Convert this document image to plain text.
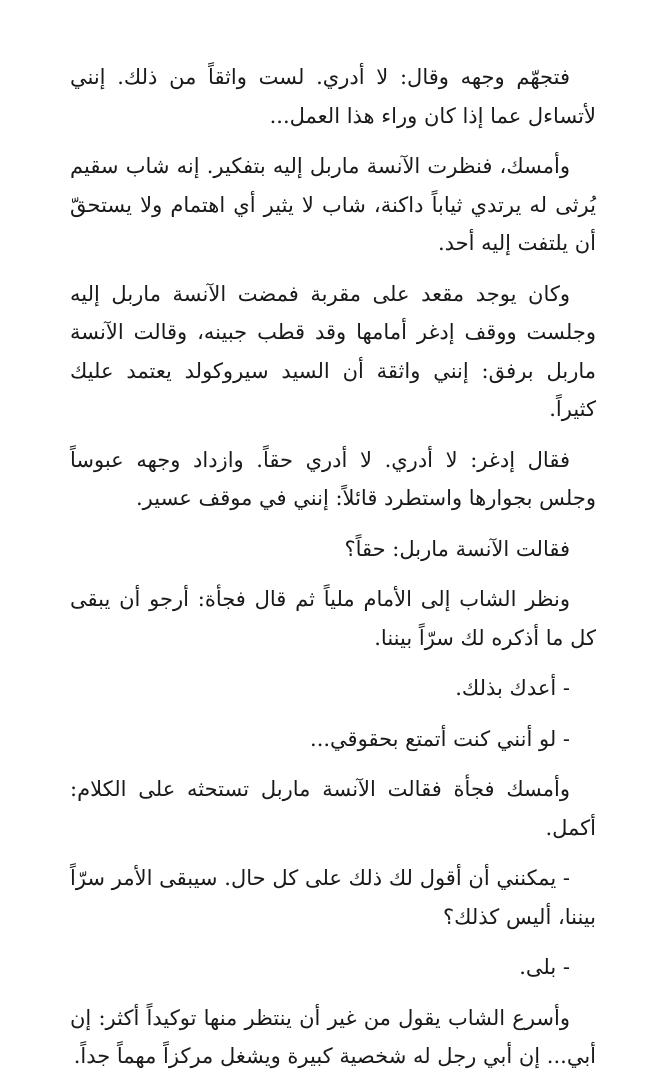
فتجهّم وجهه وقال: لا أدري. لست واثقاً من ذلك. إنني لأتساءل عما إذا كان وراء هذا العمل...

وأمسك، فنظرت الآنسة ماربل إليه بتفكير. إنه شاب سقيم يُرثى له يرتدي ثياباً داكنة، شاب لا يثير أي اهتمام ولا يستحقّ أن يلتفت إليه أحد.

وكان يوجد مقعد على مقربة فمضت الآنسة ماربل إليه وجلست ووقف إدغر أمامها وقد قطب جبينه، وقالت الآنسة ماربل برفق: إنني واثقة أن السيد سيروكولد يعتمد عليك كثيراً.

فقال إدغر: لا أدري. لا أدري حقاً. وازداد وجهه عبوساً وجلس بجوارها واستطرد قائلاً: إنني في موقف عسير.

فقالت الآنسة ماربل: حقاً؟

ونظر الشاب إلى الأمام ملياً ثم قال فجأة: أرجو أن يبقى كل ما أذكره لك سرّاً بيننا.

- أعدك بذلك.

- لو أنني كنت أتمتع بحقوقي...

وأمسك فجأة فقالت الآنسة ماربل تستحثه على الكلام: أكمل.

- يمكنني أن أقول لك ذلك على كل حال. سيبقى الأمر سرّاً بيننا، أليس كذلك؟

- بلى.

وأسرع الشاب يقول من غير أن ينتظر منها توكيداً أكثر: إن أبي... إن أبي رجل له شخصية كبيرة ويشغل مركزاً مهماً جداً.
